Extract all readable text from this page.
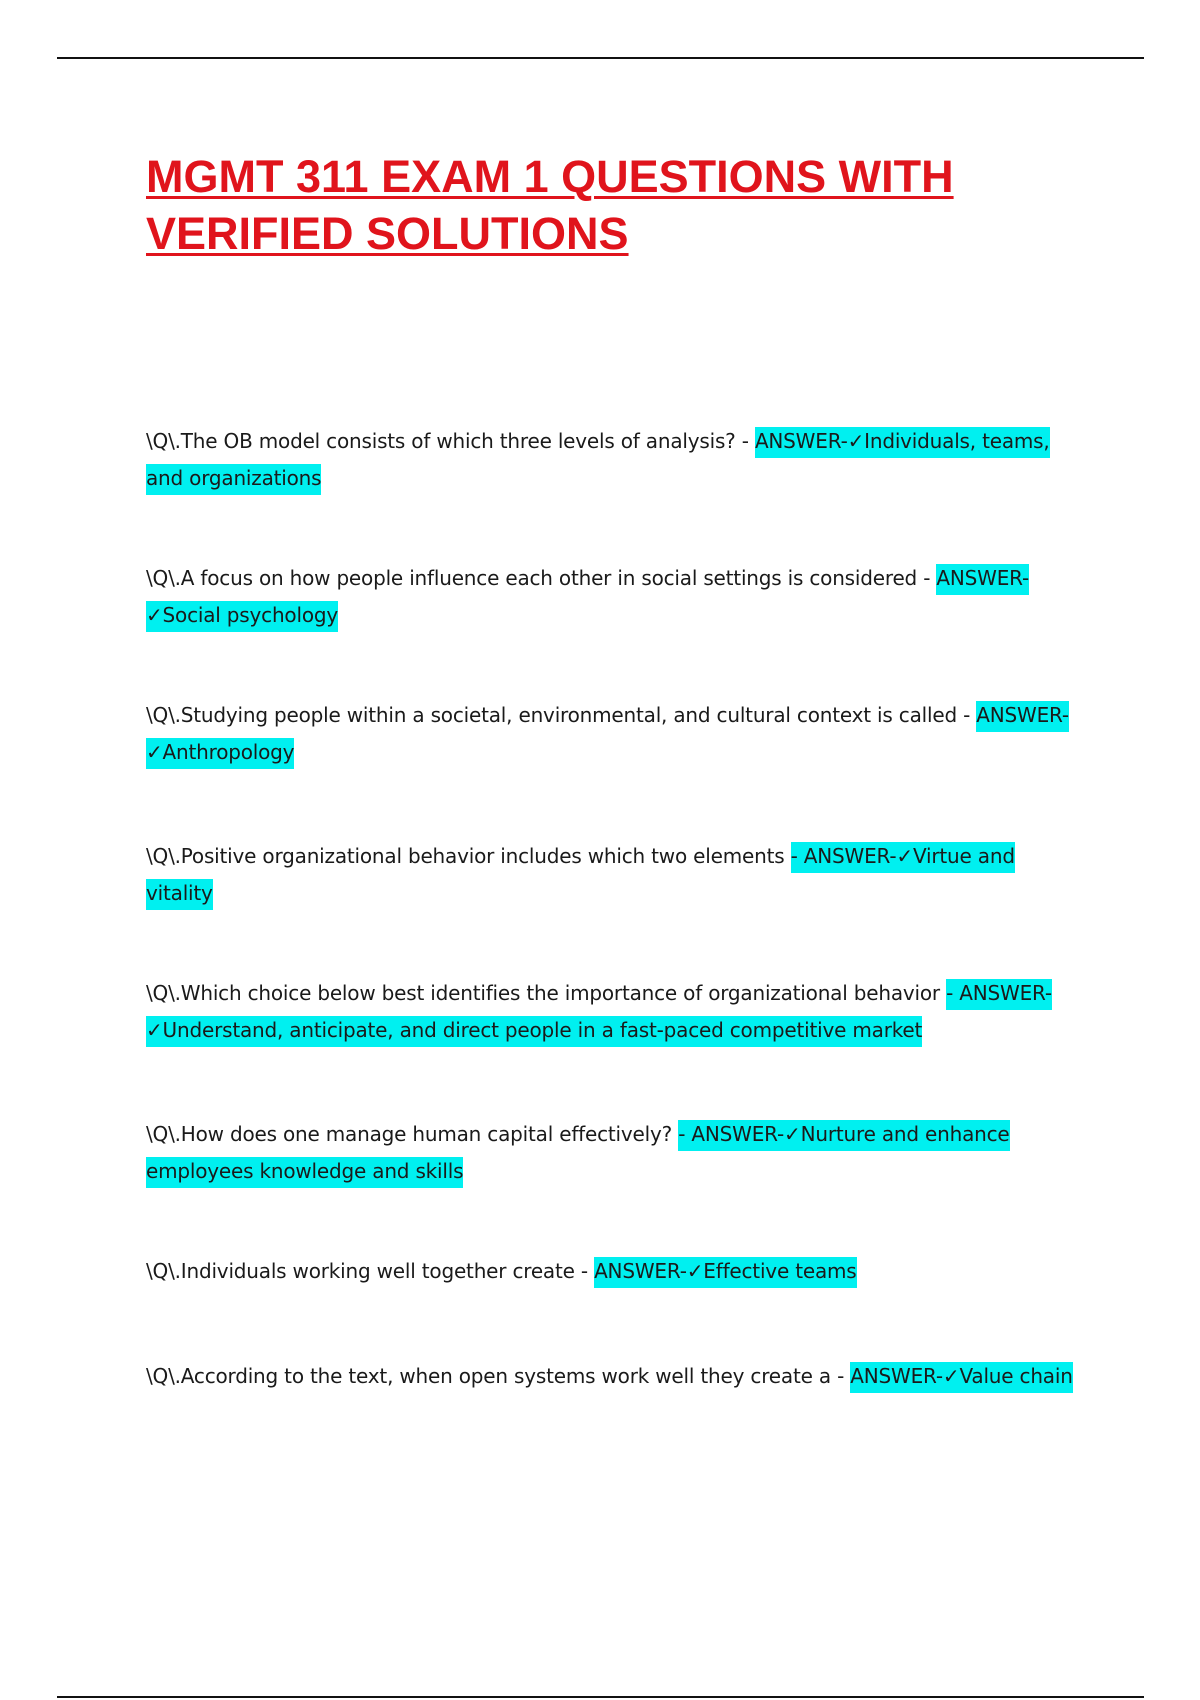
MGMT 311 EXAM 1 QUESTIONS WITH VERIFIED SOLUTIONS

\Q\.The OB model consists of which three levels of analysis? - ANSWER-✓Individuals, teams, and organizations

\Q\.A focus on how people influence each other in social settings is considered - ANSWER-✓Social psychology

\Q\.Studying people within a societal, environmental, and cultural context is called - ANSWER-✓Anthropology

\Q\.Positive organizational behavior includes which two elements - ANSWER-✓Virtue and vitality

\Q\.Which choice below best identifies the importance of organizational behavior - ANSWER-✓Understand, anticipate, and direct people in a fast-paced competitive market

\Q\.How does one manage human capital effectively? - ANSWER-✓Nurture and enhance employees knowledge and skills

\Q\.Individuals working well together create - ANSWER-✓Effective teams

\Q\.According to the text, when open systems work well they create a - ANSWER-✓Value chain
